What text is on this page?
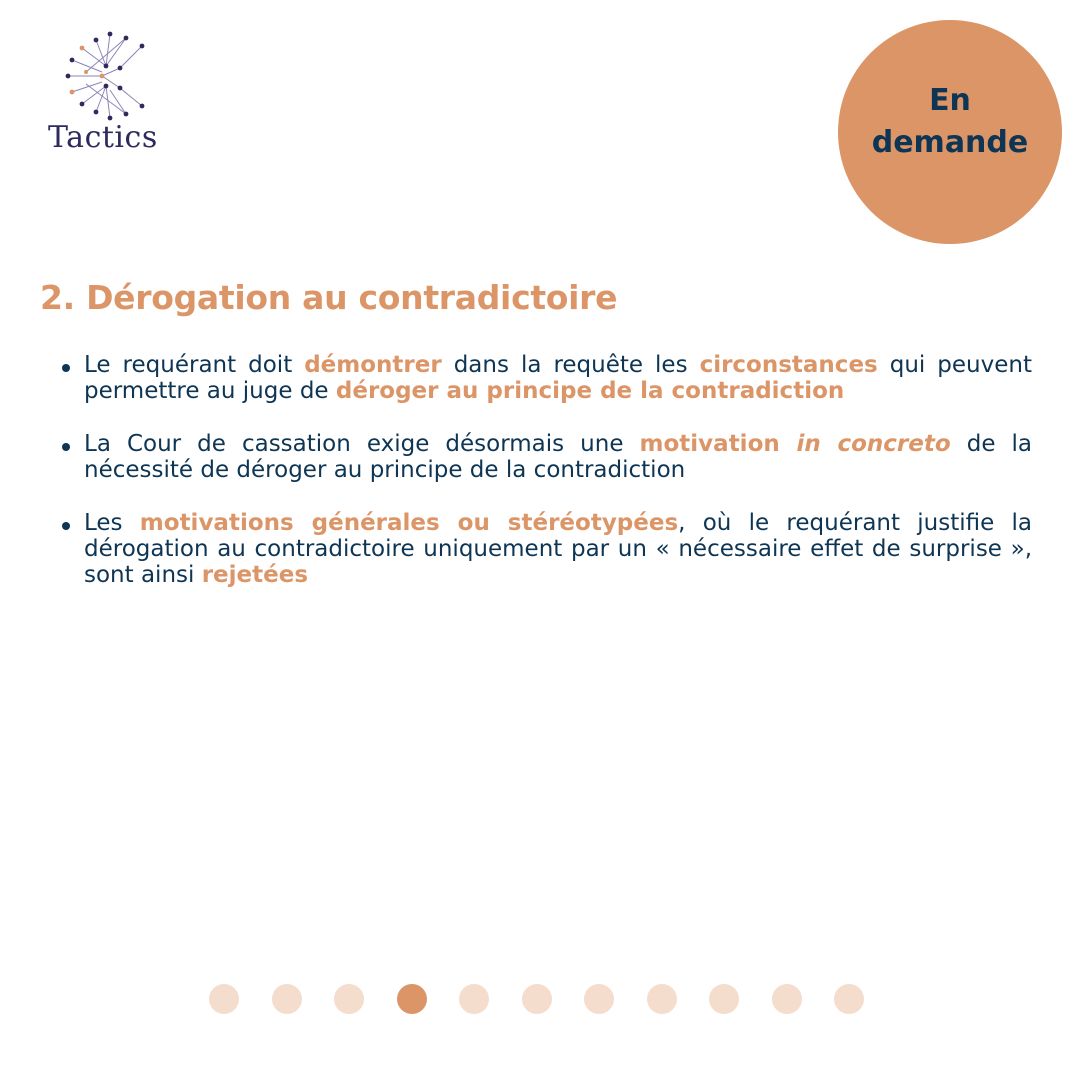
Tactics
En
demande
2. Dérogation au contradictoire
Le requérant doit démontrer dans la requête les circonstances qui peuvent permettre au juge de déroger au principe de la contradiction
La Cour de cassation exige désormais une motivation in concreto de la nécessité de déroger au principe de la contradiction
Les motivations générales ou stéréotypées, où le requérant justifie la dérogation au contradictoire uniquement par un « nécessaire effet de surprise », sont ainsi rejetées
